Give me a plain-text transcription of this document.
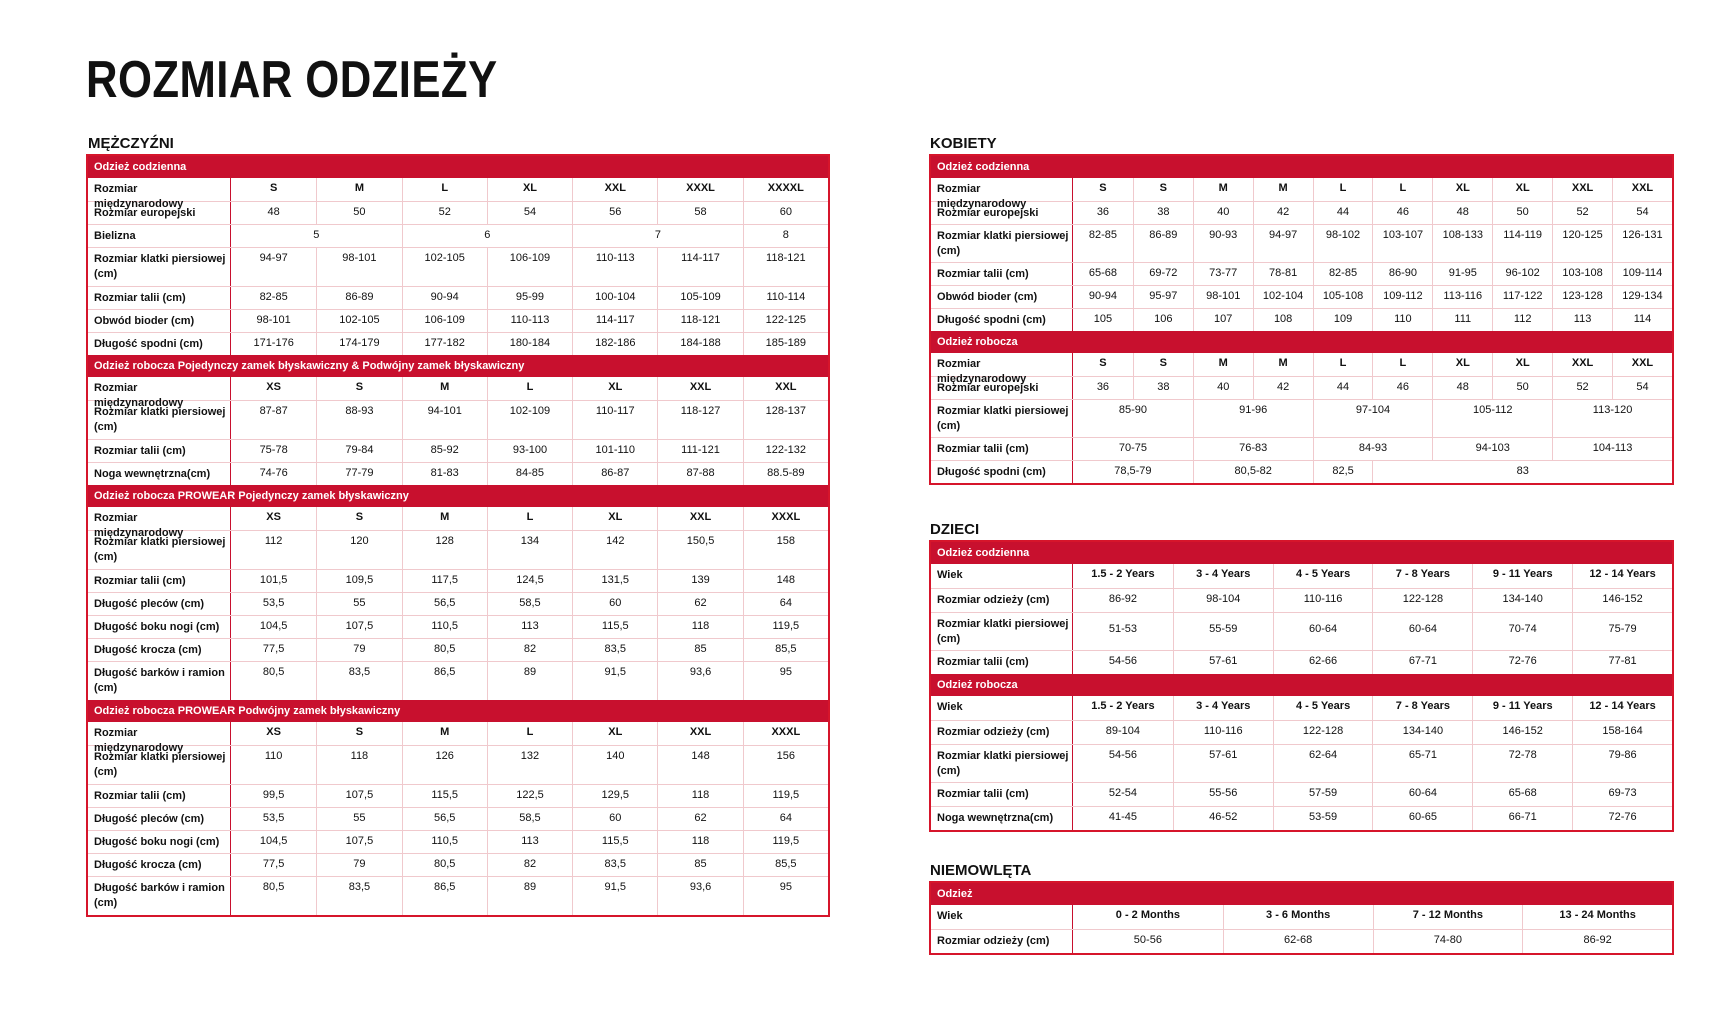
ROZMIAR ODZIEŻY
MĘŻCZYŹNI
Odzież codzienna
Rozmiar międzynarodowy
S	M	L	XL	XXL	XXXL	XXXXL
Rozmiar europejski	48	50	52	54	56	58	60
Bielizna	5	6	7	8
Rozmiar klatki piersiowej (cm)
94-97	98-101	102-105	106-109	110-113	114-117	118-121
Rozmiar talii (cm)	82-85	86-89	90-94	95-99	100-104	105-109	110-114
Obwód bioder (cm)	98-101	102-105	106-109	110-113	114-117	118-121	122-125
Długość spodni (cm)	171-176	174-179	177-182	180-184	182-186	184-188	185-189
Odzież robocza Pojedynczy zamek błyskawiczny & Podwójny zamek błyskawiczny
Rozmiar międzynarodowy
XS	S	M	L	XL	XXL	XXL
Rozmiar klatki piersiowej (cm)
87-87	88-93	94-101	102-109	110-117	118-127	128-137
Rozmiar talii (cm)	75-78	79-84	85-92	93-100	101-110	111-121	122-132
Noga wewnętrzna(cm)	74-76	77-79	81-83	84-85	86-87	87-88	88.5-89
Odzież robocza PROWEAR Pojedynczy zamek błyskawiczny
Rozmiar międzynarodowy
XS	S	M	L	XL	XXL	XXXL
Rozmiar klatki piersiowej (cm)
112	120	128	134	142	150,5	158
Rozmiar talii (cm)	101,5	109,5	117,5	124,5	131,5	139	148
Długość pleców (cm)	53,5	55	56,5	58,5	60	62	64
Długość boku nogi (cm)	104,5	107,5	110,5	113	115,5	118	119,5
Długość krocza (cm)	77,5	79	80,5	82	83,5	85	85,5
Długość barków i ramion (cm)
80,5	83,5	86,5	89	91,5	93,6	95
Odzież robocza PROWEAR Podwójny zamek błyskawiczny
Rozmiar międzynarodowy
XS	S	M	L	XL	XXL	XXXL
Rozmiar klatki piersiowej (cm)
110	118	126	132	140	148	156
Rozmiar talii (cm)	99,5	107,5	115,5	122,5	129,5	118	119,5
Długość pleców (cm)	53,5	55	56,5	58,5	60	62	64
Długość boku nogi (cm)	104,5	107,5	110,5	113	115,5	118	119,5
Długość krocza (cm)	77,5	79	80,5	82	83,5	85	85,5
Długość barków i ramion (cm)
80,5	83,5	86,5	89	91,5	93,6	95
KOBIETY
Odzież codzienna
Rozmiar międzynarodowy
S	S	M	M	L	L	XL	XL	XXL	XXL
Rozmiar europejski	36	38	40	42	44	46	48	50	52	54
Rozmiar klatki piersiowej (cm)
82-85	86-89	90-93	94-97	98-102	103-107	108-133	114-119	120-125	126-131
Rozmiar talii (cm)	65-68	69-72	73-77	78-81	82-85	86-90	91-95	96-102	103-108	109-114
Obwód bioder (cm)	90-94	95-97	98-101	102-104	105-108	109-112	113-116	117-122	123-128	129-134
Długość spodni (cm)	105	106	107	108	109	110	111	112	113	114
Odzież robocza
Rozmiar międzynarodowy
S	S	M	M	L	L	XL	XL	XXL	XXL
Rozmiar europejski	36	38	40	42	44	46	48	50	52	54
Rozmiar klatki piersiowej (cm)
85-90	91-96	97-104	105-112	113-120
Rozmiar talii (cm)	70-75	76-83	84-93	94-103	104-113
Długość spodni (cm)	78,5-79	80,5-82	82,5	83
DZIECI
Odzież codzienna
Wiek	1.5 - 2 Years	3 - 4 Years	4 - 5 Years	7 - 8 Years	9 - 11 Years	12 - 14 Years
Rozmiar odzieży (cm)	86-92	98-104	110-116	122-128	134-140	146-152
Rozmiar klatki piersiowej (cm)
51-53	55-59	60-64	60-64	70-74	75-79
Rozmiar talii (cm)	54-56	57-61	62-66	67-71	72-76	77-81
Odzież robocza
Wiek	1.5 - 2 Years	3 - 4 Years	4 - 5 Years	7 - 8 Years	9 - 11 Years	12 - 14 Years
Rozmiar odzieży (cm)	89-104	110-116	122-128	134-140	146-152	158-164
Rozmiar klatki piersiowej (cm)
54-56	57-61	62-64	65-71	72-78	79-86
Rozmiar talii (cm)	52-54	55-56	57-59	60-64	65-68	69-73
Noga wewnętrzna(cm)	41-45	46-52	53-59	60-65	66-71	72-76
NIEMOWLĘTA
Odzież
Wiek	0 - 2 Months	3 - 6 Months	7 - 12 Months	13 - 24 Months
Rozmiar odzieży (cm)	50-56	62-68	74-80	86-92
